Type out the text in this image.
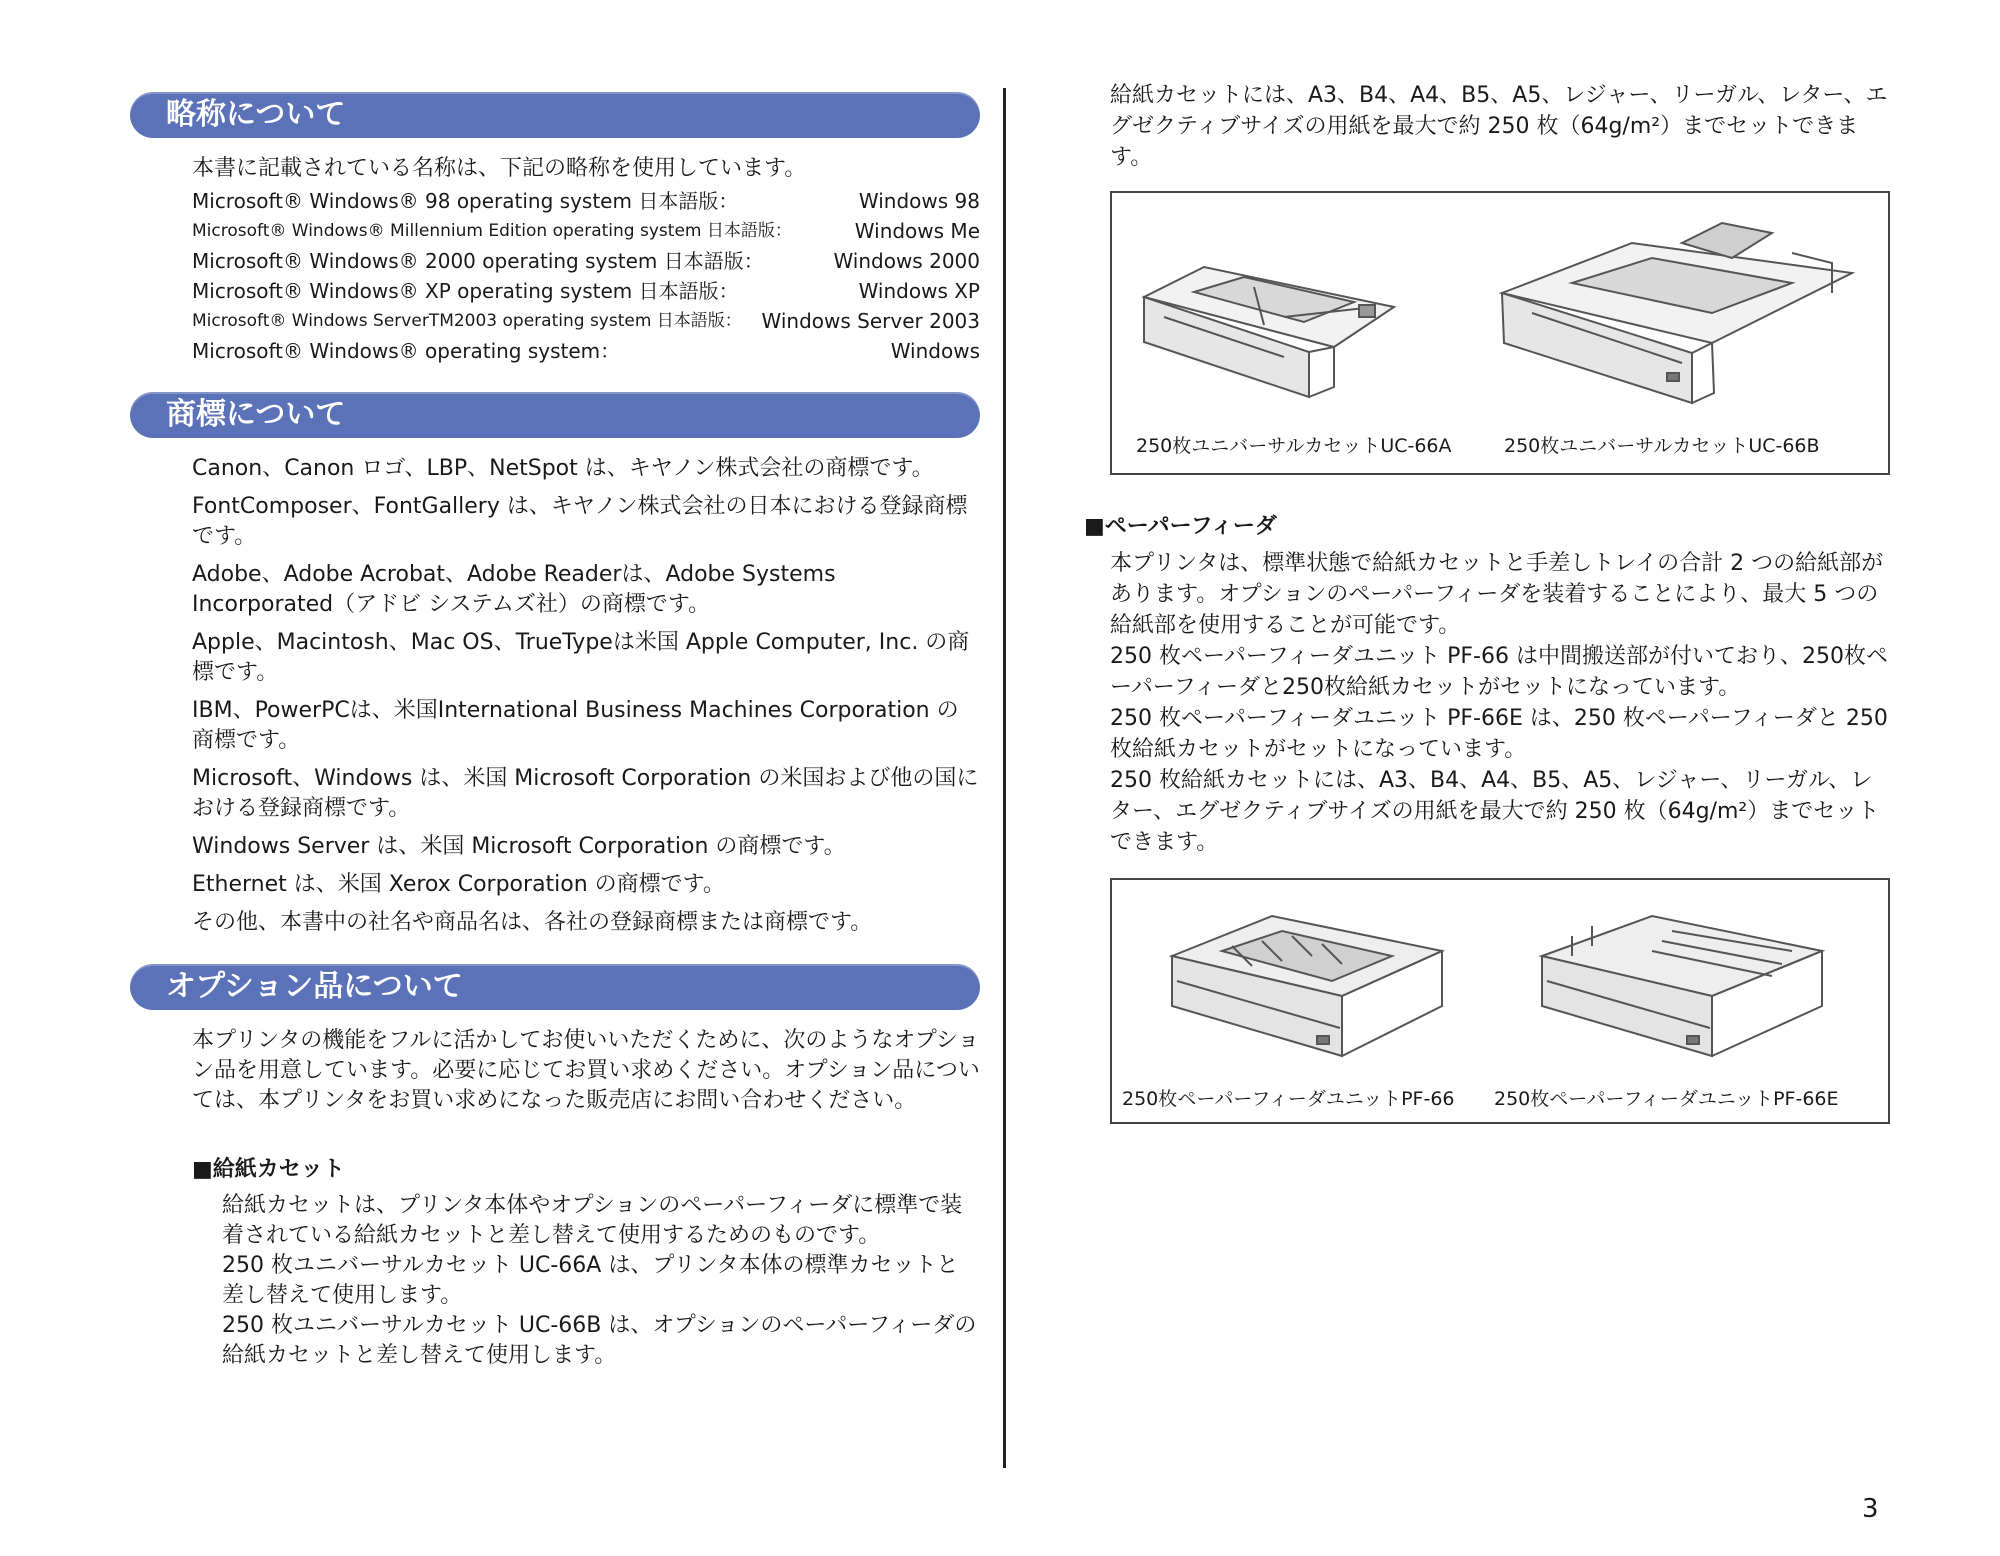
略称について

本書に記載されている名称は、下記の略称を使用しています。

Microsoft® Windows® 98 operating system 日本語版：	Windows 98
Microsoft® Windows® Millennium Edition operating system 日本語版：	Windows Me
Microsoft® Windows® 2000 operating system 日本語版：	Windows 2000
Microsoft® Windows® XP operating system 日本語版：	Windows XP
Microsoft® Windows ServerTM2003 operating system 日本語版： Windows Server 2003
Microsoft® Windows® operating system：	Windows
商標について

Canon、Canon ロゴ、LBP、NetSpot は、キヤノン株式会社の商標です。

FontComposer、FontGallery は、キヤノン株式会社の日本における登録商標です。

Adobe、Adobe Acrobat、Adobe Readerは、Adobe Systems Incorporated（アドビ システムズ社）の商標です。

Apple、Macintosh、Mac OS、TrueTypeは米国 Apple Computer, Inc. の商標です。

IBM、PowerPCは、米国International Business Machines Corporation の商標です。

Microsoft、Windows は、米国 Microsoft Corporation の米国および他の国における登録商標です。

Windows Server は、米国 Microsoft Corporation の商標です。

Ethernet は、米国 Xerox Corporation の商標です。

その他、本書中の社名や商品名は、各社の登録商標または商標です。

オプション品について

本プリンタの機能をフルに活かしてお使いいただくために、次のようなオプション品を用意しています。必要に応じてお買い求めください。オプション品については、本プリンタをお買い求めになった販売店にお問い合わせください。

■給紙カセット

給紙カセットは、プリンタ本体やオプションのペーパーフィーダに標準で装着されている給紙カセットと差し替えて使用するためのものです。

250 枚ユニバーサルカセット UC-66A は、プリンタ本体の標準カセットと差し替えて使用します。

250 枚ユニバーサルカセット UC-66B は、オプションのペーパーフィーダの給紙カセットと差し替えて使用します。

給紙カセットには、A3、B4、A4、B5、A5、レジャー、リーガル、レター、エグゼクティブサイズの用紙を最大で約 250 枚（64g/m²）までセットできます。

250枚ユニバーサルカセットUC-66A	250枚ユニバーサルカセットUC-66B
■ペーパーフィーダ

本プリンタは、標準状態で給紙カセットと手差しトレイの合計 2 つの給紙部があります。オプションのペーパーフィーダを装着することにより、最大 5 つの給紙部を使用することが可能です。

250 枚ペーパーフィーダユニット PF-66 は中間搬送部が付いており、250枚ペーパーフィーダと250枚給紙カセットがセットになっています。

250 枚ペーパーフィーダユニット PF-66E は、250 枚ペーパーフィーダと 250 枚給紙カセットがセットになっています。

250 枚給紙カセットには、A3、B4、A4、B5、A5、レジャー、リーガル、レター、エグゼクティブサイズの用紙を最大で約 250 枚（64g/m²）までセットできます。

250枚ペーパーフィーダユニットPF-66 250枚ペーパーフィーダユニットPF-66E
3
